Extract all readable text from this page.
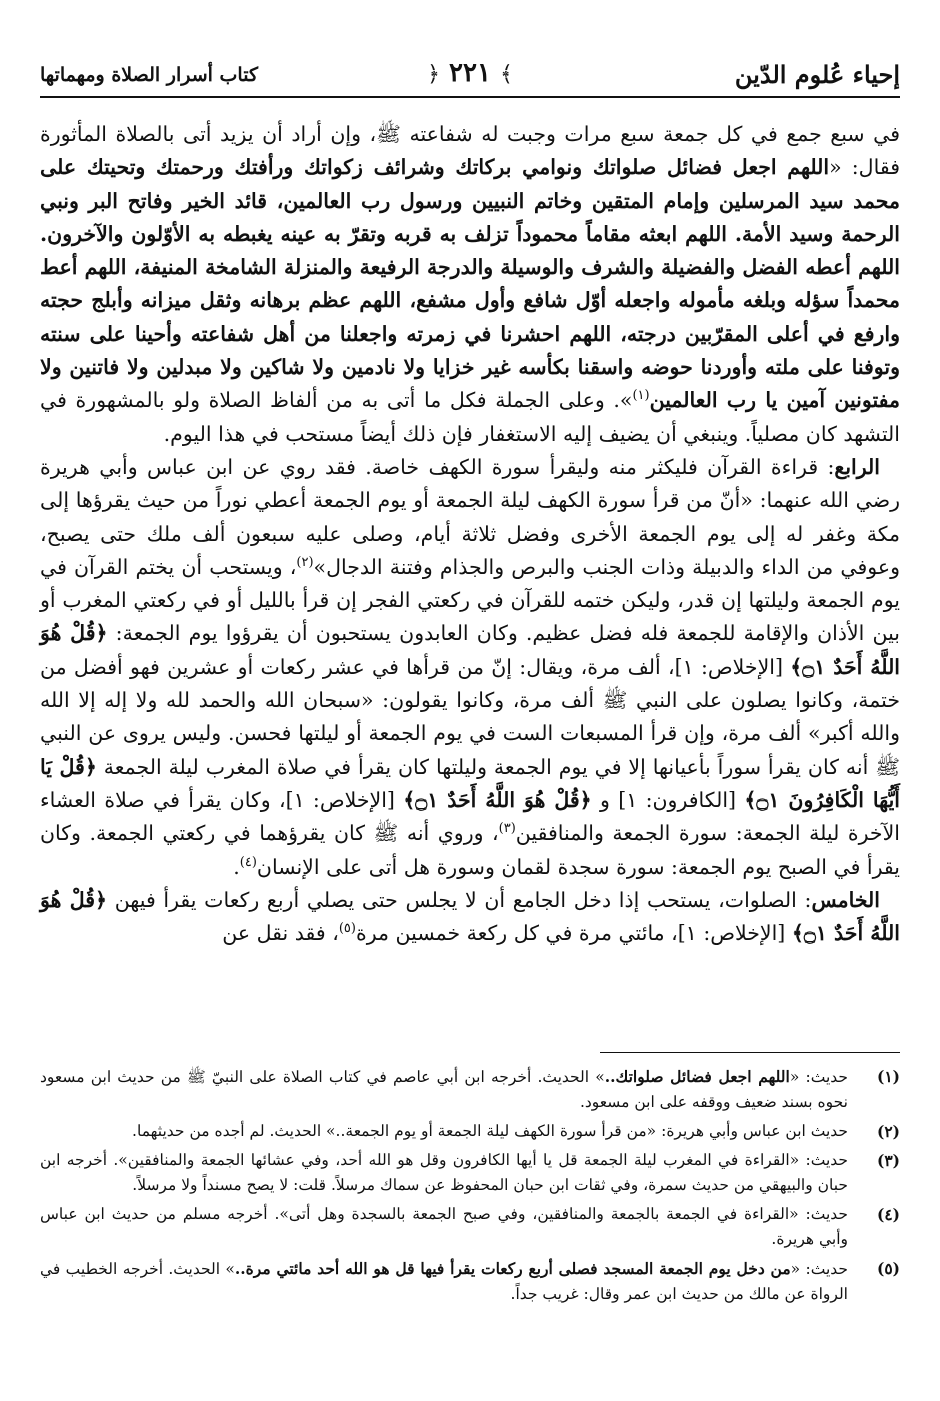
إحياء عُلوم الدّين
﴿ ٢٢١ ﴾
كتاب أسرار الصلاة ومهماتها

في سبع جمع في كل جمعة سبع مرات وجبت له شفاعته ﷺ، وإن أراد أن يزيد أتى بالصلاة المأثورة فقال: «اللهم اجعل فضائل صلواتك ونوامي بركاتك وشرائف زكواتك ورأفتك ورحمتك وتحيتك على محمد سيد المرسلين وإمام المتقين وخاتم النبيين ورسول رب العالمين، قائد الخير وفاتح البر ونبي الرحمة وسيد الأمة. اللهم ابعثه مقاماً محموداً تزلف به قربه وتقرّ به عينه يغبطه به الأوّلون والآخرون. اللهم أعطه الفضل والفضيلة والشرف والوسيلة والدرجة الرفيعة والمنزلة الشامخة المنيفة، اللهم أعط محمداً سؤله وبلغه مأموله واجعله أوّل شافع وأول مشفع، اللهم عظم برهانه وثقل ميزانه وأبلج حجته وارفع في أعلى المقرّبين درجته، اللهم احشرنا في زمرته واجعلنا من أهل شفاعته وأحينا على سنته وتوفنا على ملته وأوردنا حوضه واسقنا بكأسه غير خزايا ولا نادمين ولا شاكين ولا مبدلين ولا فاتنين ولا مفتونين آمين يا رب العالمين$^{(١)}$». وعلى الجملة فكل ما أتى به من ألفاظ الصلاة ولو بالمشهورة في التشهد كان مصلياً. وينبغي أن يضيف إليه الاستغفار فإن ذلك أيضاً مستحب في هذا اليوم.

الرابع: قراءة القرآن فليكثر منه وليقرأ سورة الكهف خاصة. فقد روي عن ابن عباس وأبي هريرة رضي الله عنهما: «أنّ من قرأ سورة الكهف ليلة الجمعة أو يوم الجمعة أعطي نوراً من حيث يقرؤها إلى مكة وغفر له إلى يوم الجمعة الأخرى وفضل ثلاثة أيام، وصلى عليه سبعون ألف ملك حتى يصبح، وعوفي من الداء والدبيلة وذات الجنب والبرص والجذام وفتنة الدجال»$^{(٢)}$، ويستحب أن يختم القرآن في يوم الجمعة وليلتها إن قدر، وليكن ختمه للقرآن في ركعتي الفجر إن قرأ بالليل أو في ركعتي المغرب أو بين الأذان والإقامة للجمعة فله فضل عظيم. وكان العابدون يستحبون أن يقرؤوا يوم الجمعة: ﴿قُلْ هُوَ اللَّهُ أَحَدٌ ۝١﴾ [الإخلاص: ١]، ألف مرة، ويقال: إنّ من قرأها في عشر ركعات أو عشرين فهو أفضل من ختمة، وكانوا يصلون على النبي ﷺ ألف مرة، وكانوا يقولون: «سبحان الله والحمد لله ولا إله إلا الله والله أكبر» ألف مرة، وإن قرأ المسبعات الست في يوم الجمعة أو ليلتها فحسن. وليس يروى عن النبي ﷺ أنه كان يقرأ سوراً بأعيانها إلا في يوم الجمعة وليلتها كان يقرأ في صلاة المغرب ليلة الجمعة ﴿قُلْ يَا أَيُّهَا الْكَافِرُونَ ۝١﴾ [الكافرون: ١] و ﴿قُلْ هُوَ اللَّهُ أَحَدٌ ۝١﴾ [الإخلاص: ١]، وكان يقرأ في صلاة العشاء الآخرة ليلة الجمعة: سورة الجمعة والمنافقين$^{(٣)}$، وروي أنه ﷺ كان يقرؤهما في ركعتي الجمعة. وكان يقرأ في الصبح يوم الجمعة: سورة سجدة لقمان وسورة هل أتى على الإنسان$^{(٤)}$.

الخامس: الصلوات، يستحب إذا دخل الجامع أن لا يجلس حتى يصلي أربع ركعات يقرأ فيهن ﴿قُلْ هُوَ اللَّهُ أَحَدٌ ۝١﴾ [الإخلاص: ١]، مائتي مرة في كل ركعة خمسين مرة$^{(٥)}$، فقد نقل عن

(١)
حديث: «اللهم اجعل فضائل صلواتك..» الحديث. أخرجه ابن أبي عاصم في كتاب الصلاة على النبيّ ﷺ من حديث ابن مسعود نحوه بسند ضعيف ووقفه على ابن مسعود.
(٢)
حديث ابن عباس وأبي هريرة: «من قرأ سورة الكهف ليلة الجمعة أو يوم الجمعة..» الحديث. لم أجده من حديثهما.
(٣)
حديث: «القراءة في المغرب ليلة الجمعة قل يا أيها الكافرون وقل هو الله أحد، وفي عشائها الجمعة والمنافقين». أخرجه ابن حبان والبيهقي من حديث سمرة، وفي ثقات ابن حبان المحفوظ عن سماك مرسلاً. قلت: لا يصح مسنداً ولا مرسلاً.
(٤)
حديث: «القراءة في الجمعة بالجمعة والمنافقين، وفي صبح الجمعة بالسجدة وهل أتى». أخرجه مسلم من حديث ابن عباس وأبي هريرة.
(٥)
حديث: «من دخل يوم الجمعة المسجد فصلى أربع ركعات يقرأ فيها قل هو الله أحد مائتي مرة..» الحديث. أخرجه الخطيب في الرواة عن مالك من حديث ابن عمر وقال: غريب جداً.
